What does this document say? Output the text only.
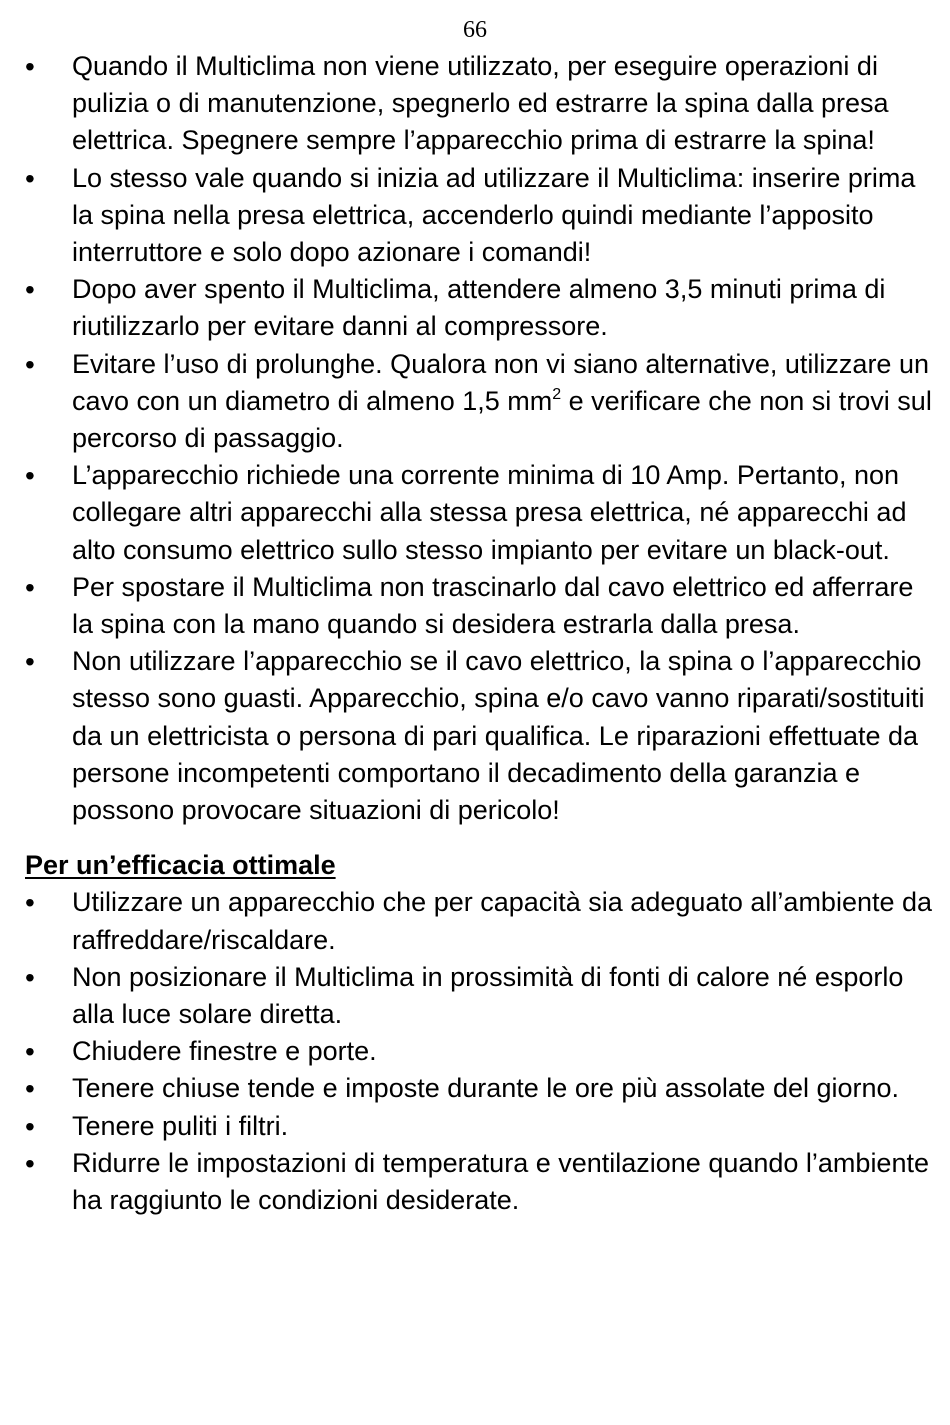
66
• Quando il Multiclima non viene utilizzato, per eseguire operazioni di pulizia o di manutenzione, spegnerlo ed estrarre la spina dalla presa elettrica. Spegnere sempre l’apparecchio prima di estrarre la spina!
• Lo stesso vale quando si inizia ad utilizzare il Multiclima: inserire prima la spina nella presa elettrica, accenderlo quindi mediante l’apposito interruttore e solo dopo azionare i comandi!
• Dopo aver spento il Multiclima, attendere almeno 3,5 minuti prima di riutilizzarlo per evitare danni al compressore.
• Evitare l’uso di prolunghe. Qualora non vi siano alternative, utilizzare un cavo con un diametro di almeno 1,5 $mm^2$ e verificare che non si trovi sul percorso di passaggio.
• L’apparecchio richiede una corrente minima di 10 Amp. Pertanto, non collegare altri apparecchi alla stessa presa elettrica, né apparecchi ad alto consumo elettrico sullo stesso impianto per evitare un black-out.
• Per spostare il Multiclima non trascinarlo dal cavo elettrico ed afferrare la spina con la mano quando si desidera estrarla dalla presa.
• Non utilizzare l’apparecchio se il cavo elettrico, la spina o l’apparecchio stesso sono guasti. Apparecchio, spina e/o cavo vanno riparati/sostituiti da un elettricista o persona di pari qualifica. Le riparazioni effettuate da persone incompetenti comportano il decadimento della garanzia e possono provocare situazioni di pericolo!
Per un’efficacia ottimale
• Utilizzare un apparecchio che per capacità sia adeguato all’ambiente da raffreddare/riscaldare.
• Non posizionare il Multiclima in prossimità di fonti di calore né esporlo alla luce solare diretta.
• Chiudere finestre e porte.
• Tenere chiuse tende e imposte durante le ore più assolate del giorno.
• Tenere puliti i filtri.
• Ridurre le impostazioni di temperatura e ventilazione quando l’ambiente ha raggiunto le condizioni desiderate.
